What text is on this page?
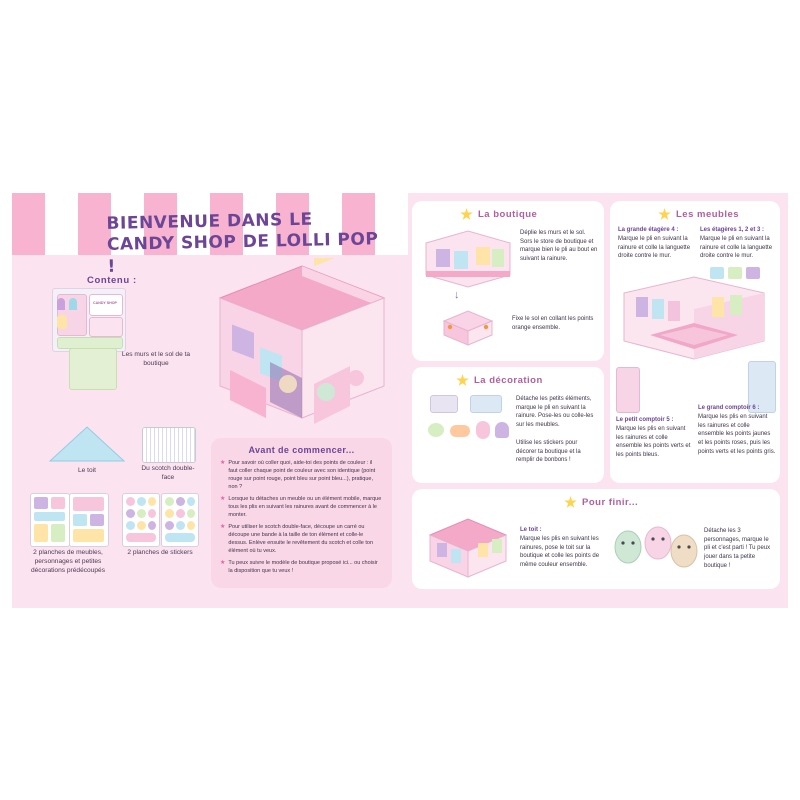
BIENVENUE DANS LE
CANDY SHOP DE LOLLI POP !
Contenu :
CANDY SHOP
Les murs et le sol de ta boutique
Le toit	Du scotch double-face
2 planches de meubles, personnages et petites décorations prédécoupés
2 planches de stickers
Avant de commencer...
★ Pour savoir où coller quoi, aide-toi des points de couleur : il faut coller chaque point de couleur avec son identique (point rouge sur point rouge, point bleu sur point bleu...), pratique, non ?
★ Lorsque tu détaches un meuble ou un élément mobile, marque tous les plis en suivant les rainures avant de commencer à le monter.
★ Pour utiliser le scotch double-face, découpe un carré ou découpe une bande à la taille de ton élément et colle-le dessus. Enlève ensuite le revêtement du scotch et colle ton élément où tu veux.
★ Tu peux suivre le modèle de boutique proposé ici... ou choisir la disposition que tu veux !
La boutique
Déplie les murs et le sol. Sors le store de boutique et marque bien le pli au bout en suivant la rainure.
↓
Fixe le sol en collant les points orange ensemble.
La décoration
Détache les petits éléments, marque le pli en suivant la rainure. Pose-les ou colle-les sur les meubles.
Utilise les stickers pour décorer ta boutique et la remplir de bonbons !
Les meubles
La grande étagère 4 :
Marque le pli en suivant la rainure et colle la languette droite contre le mur.
Les étagères 1, 2 et 3 :
Marque le pli en suivant la rainure et colle la languette droite contre le mur.
Le petit comptoir 5 :
Marque les plis en suivant les rainures et colle ensemble les points verts et les points bleus.
Le grand comptoir 6 :
Marque les plis en suivant les rainures et colle ensemble les points jaunes et les points roses, puis les points verts et les points gris.
Pour finir...
Le toit :
Marque les plis en suivant les rainures, pose le toit sur la boutique et colle les points de même couleur ensemble.
Détache les 3 personnages, marque le pli et c'est parti ! Tu peux jouer dans ta petite boutique !
